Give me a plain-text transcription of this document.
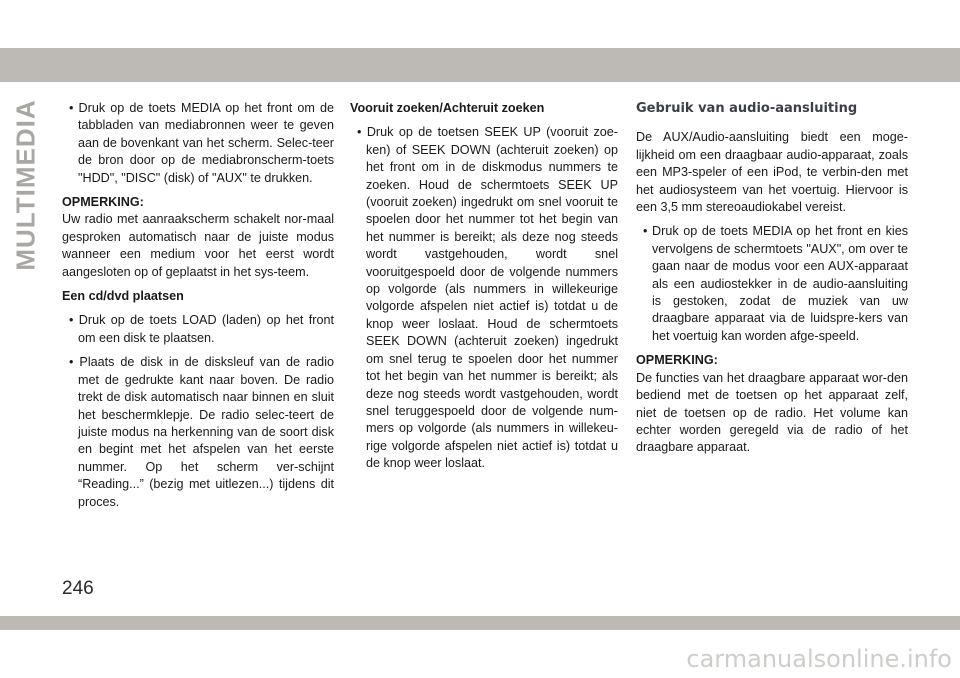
MULTIMEDIA	• Druk op de toets MEDIA op het front om de tabbladen van mediabronnen weer te geven aan de bovenkant van het scherm. Selec-teer de bron door op de mediabronscherm-toets "HDD", "DISC" (disk) of "AUX" te drukken.

OPMERKING:

Uw radio met aanraakscherm schakelt nor-maal gesproken automatisch naar de juiste modus wanneer een medium voor het eerst wordt aangesloten op of geplaatst in het sys-teem.

Een cd/dvd plaatsen

• Druk op de toets LOAD (laden) op het front om een disk te plaatsen.

• Plaats de disk in de disksleuf van de radio met de gedrukte kant naar boven. De radio trekt de disk automatisch naar binnen en sluit het beschermklepje. De radio selec-teert de juiste modus na herkenning van de soort disk en begint met het afspelen van het eerste nummer. Op het scherm ver-schijnt “Reading...” (bezig met uitlezen...) tijdens dit proces.

Vooruit zoeken/Achteruit zoeken

• Druk op de toetsen SEEK UP (vooruit zoe-ken) of SEEK DOWN (achteruit zoeken) op het front om in de diskmodus nummers te zoeken. Houd de schermtoets SEEK UP (vooruit zoeken) ingedrukt om snel vooruit te spoelen door het nummer tot het begin van het nummer is bereikt; als deze nog steeds wordt vastgehouden, wordt snel vooruitgespoeld door de volgende nummers op volgorde (als nummers in willekeurige volgorde afspelen niet actief is) totdat u de knop weer loslaat. Houd de schermtoets SEEK DOWN (achteruit zoeken) ingedrukt om snel terug te spoelen door het nummer tot het begin van het nummer is bereikt; als deze nog steeds wordt vastgehouden, wordt snel teruggespoeld door de volgende num-mers op volgorde (als nummers in willekeu-rige volgorde afspelen niet actief is) totdat u de knop weer loslaat.

Gebruik van audio-aansluiting

De AUX/Audio-aansluiting biedt een moge-lijkheid om een draagbaar audio-apparaat, zoals een MP3-speler of een iPod, te verbin-den met het audiosysteem van het voertuig. Hiervoor is een 3,5 mm stereoaudiokabel vereist.

• Druk op de toets MEDIA op het front en kies vervolgens de schermtoets "AUX", om over te gaan naar de modus voor een AUX-apparaat als een audiostekker in de audio-aansluiting is gestoken, zodat de muziek van uw draagbare apparaat via de luidspre-kers van het voertuig kan worden afge-speeld.

OPMERKING:

De functies van het draagbare apparaat wor-den bediend met de toetsen op het apparaat zelf, niet de toetsen op de radio. Het volume kan echter worden geregeld via de radio of het draagbare apparaat.

246
carmanualsonline.info
